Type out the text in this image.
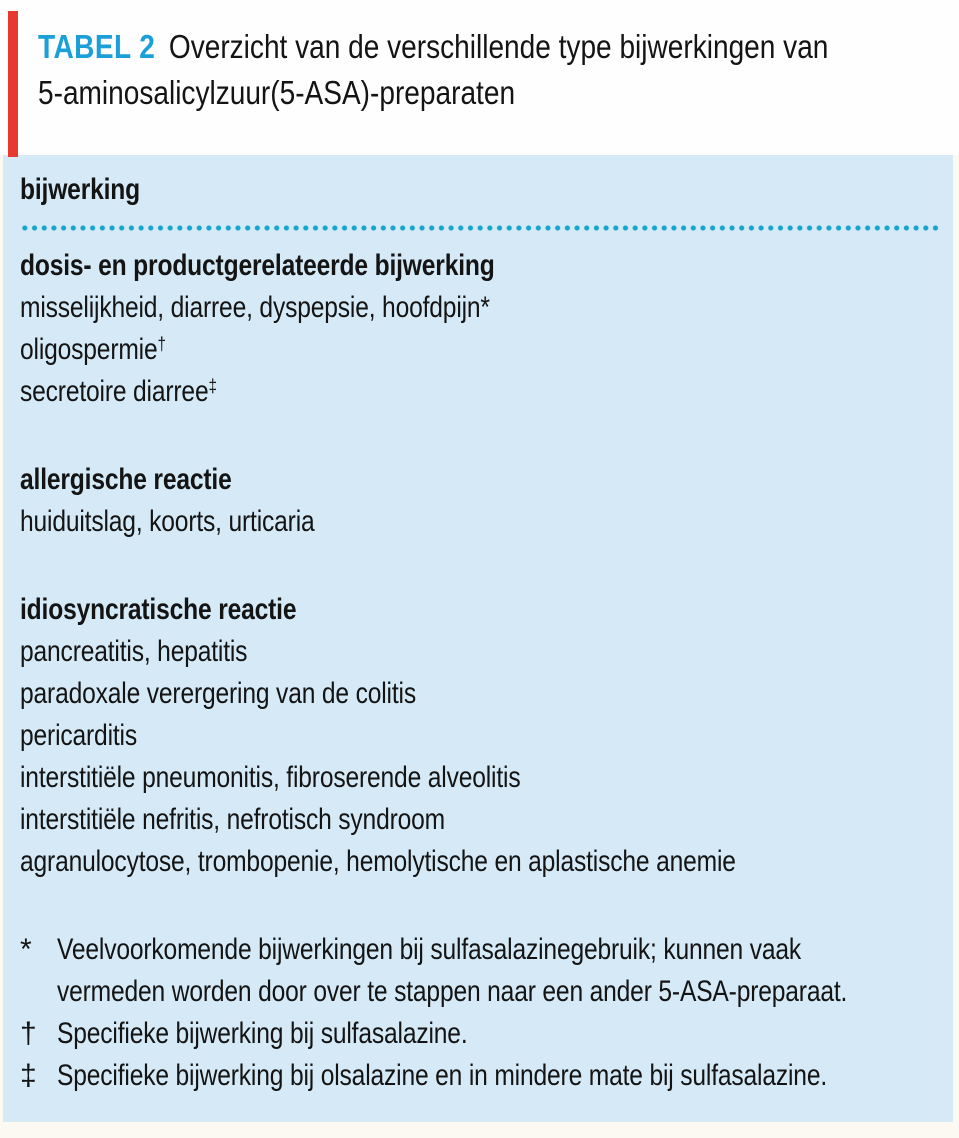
TABEL 2 Overzicht van de verschillende type bijwerkingen van
5-aminosalicylzuur(5-ASA)-preparaten
bijwerking
dosis- en productgerelateerde bijwerking
misselijkheid, diarree, dyspepsie, hoofdpijn*
oligospermie†
secretoire diarree‡
allergische reactie
huiduitslag, koorts, urticaria
idiosyncratische reactie
pancreatitis, hepatitis
paradoxale verergering van de colitis
pericarditis
interstitiële pneumonitis, fibroserende alveolitis
interstitiële nefritis, nefrotisch syndroom
agranulocytose, trombopenie, hemolytische en aplastische anemie
* Veelvoorkomende bijwerkingen bij sulfasalazinegebruik; kunnen vaak
vermeden worden door over te stappen naar een ander 5-ASA-preparaat.
† Specifieke bijwerking bij sulfasalazine.
‡ Specifieke bijwerking bij olsalazine en in mindere mate bij sulfasalazine.
